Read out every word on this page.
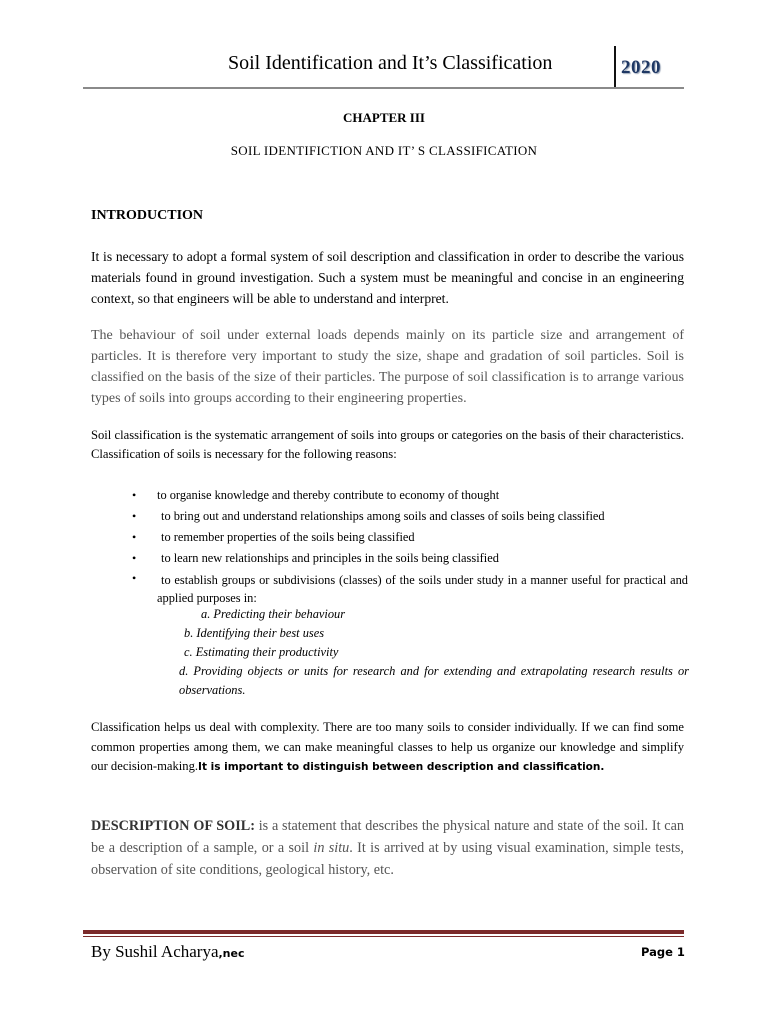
Soil Identification and It’s Classification	2020
CHAPTER III
SOIL IDENTIFICTION AND IT’ S CLASSIFICATION
INTRODUCTION
It is necessary to adopt a formal system of soil description and classification in order to describe the various materials found in ground investigation. Such a system must be meaningful and concise in an engineering context, so that engineers will be able to understand and interpret.
The behaviour of soil under external loads depends mainly on its particle size and arrangement of particles. It is therefore very important to study the size, shape and gradation of soil particles. Soil is classified on the basis of the size of their particles. The purpose of soil classification is to arrange various types of soils into groups according to their engineering properties.
Soil classification is the systematic arrangement of soils into groups or categories on the basis of their characteristics. Classification of soils is necessary for the following reasons:
• to organise knowledge and thereby contribute to economy of thought
• to bring out and understand relationships among soils and classes of soils being classified
• to remember properties of the soils being classified
• to learn new relationships and principles in the soils being classified
• to establish groups or subdivisions (classes) of the soils under study in a manner useful for practical and applied purposes in:
a. Predicting their behaviour
b. Identifying their best uses
c. Estimating their productivity
d. Providing objects or units for research and for extending and extrapolating research results or observations.
Classification helps us deal with complexity. There are too many soils to consider individually. If we can find some common properties among them, we can make meaningful classes to help us organize our knowledge and simplify our decision-making.It is important to distinguish between description and classification.
DESCRIPTION OF SOIL: is a statement that describes the physical nature and state of the soil. It can be a description of a sample, or a soil in situ. It is arrived at by using visual examination, simple tests, observation of site conditions, geological history, etc.
By Sushil Acharya,nec	Page 1
